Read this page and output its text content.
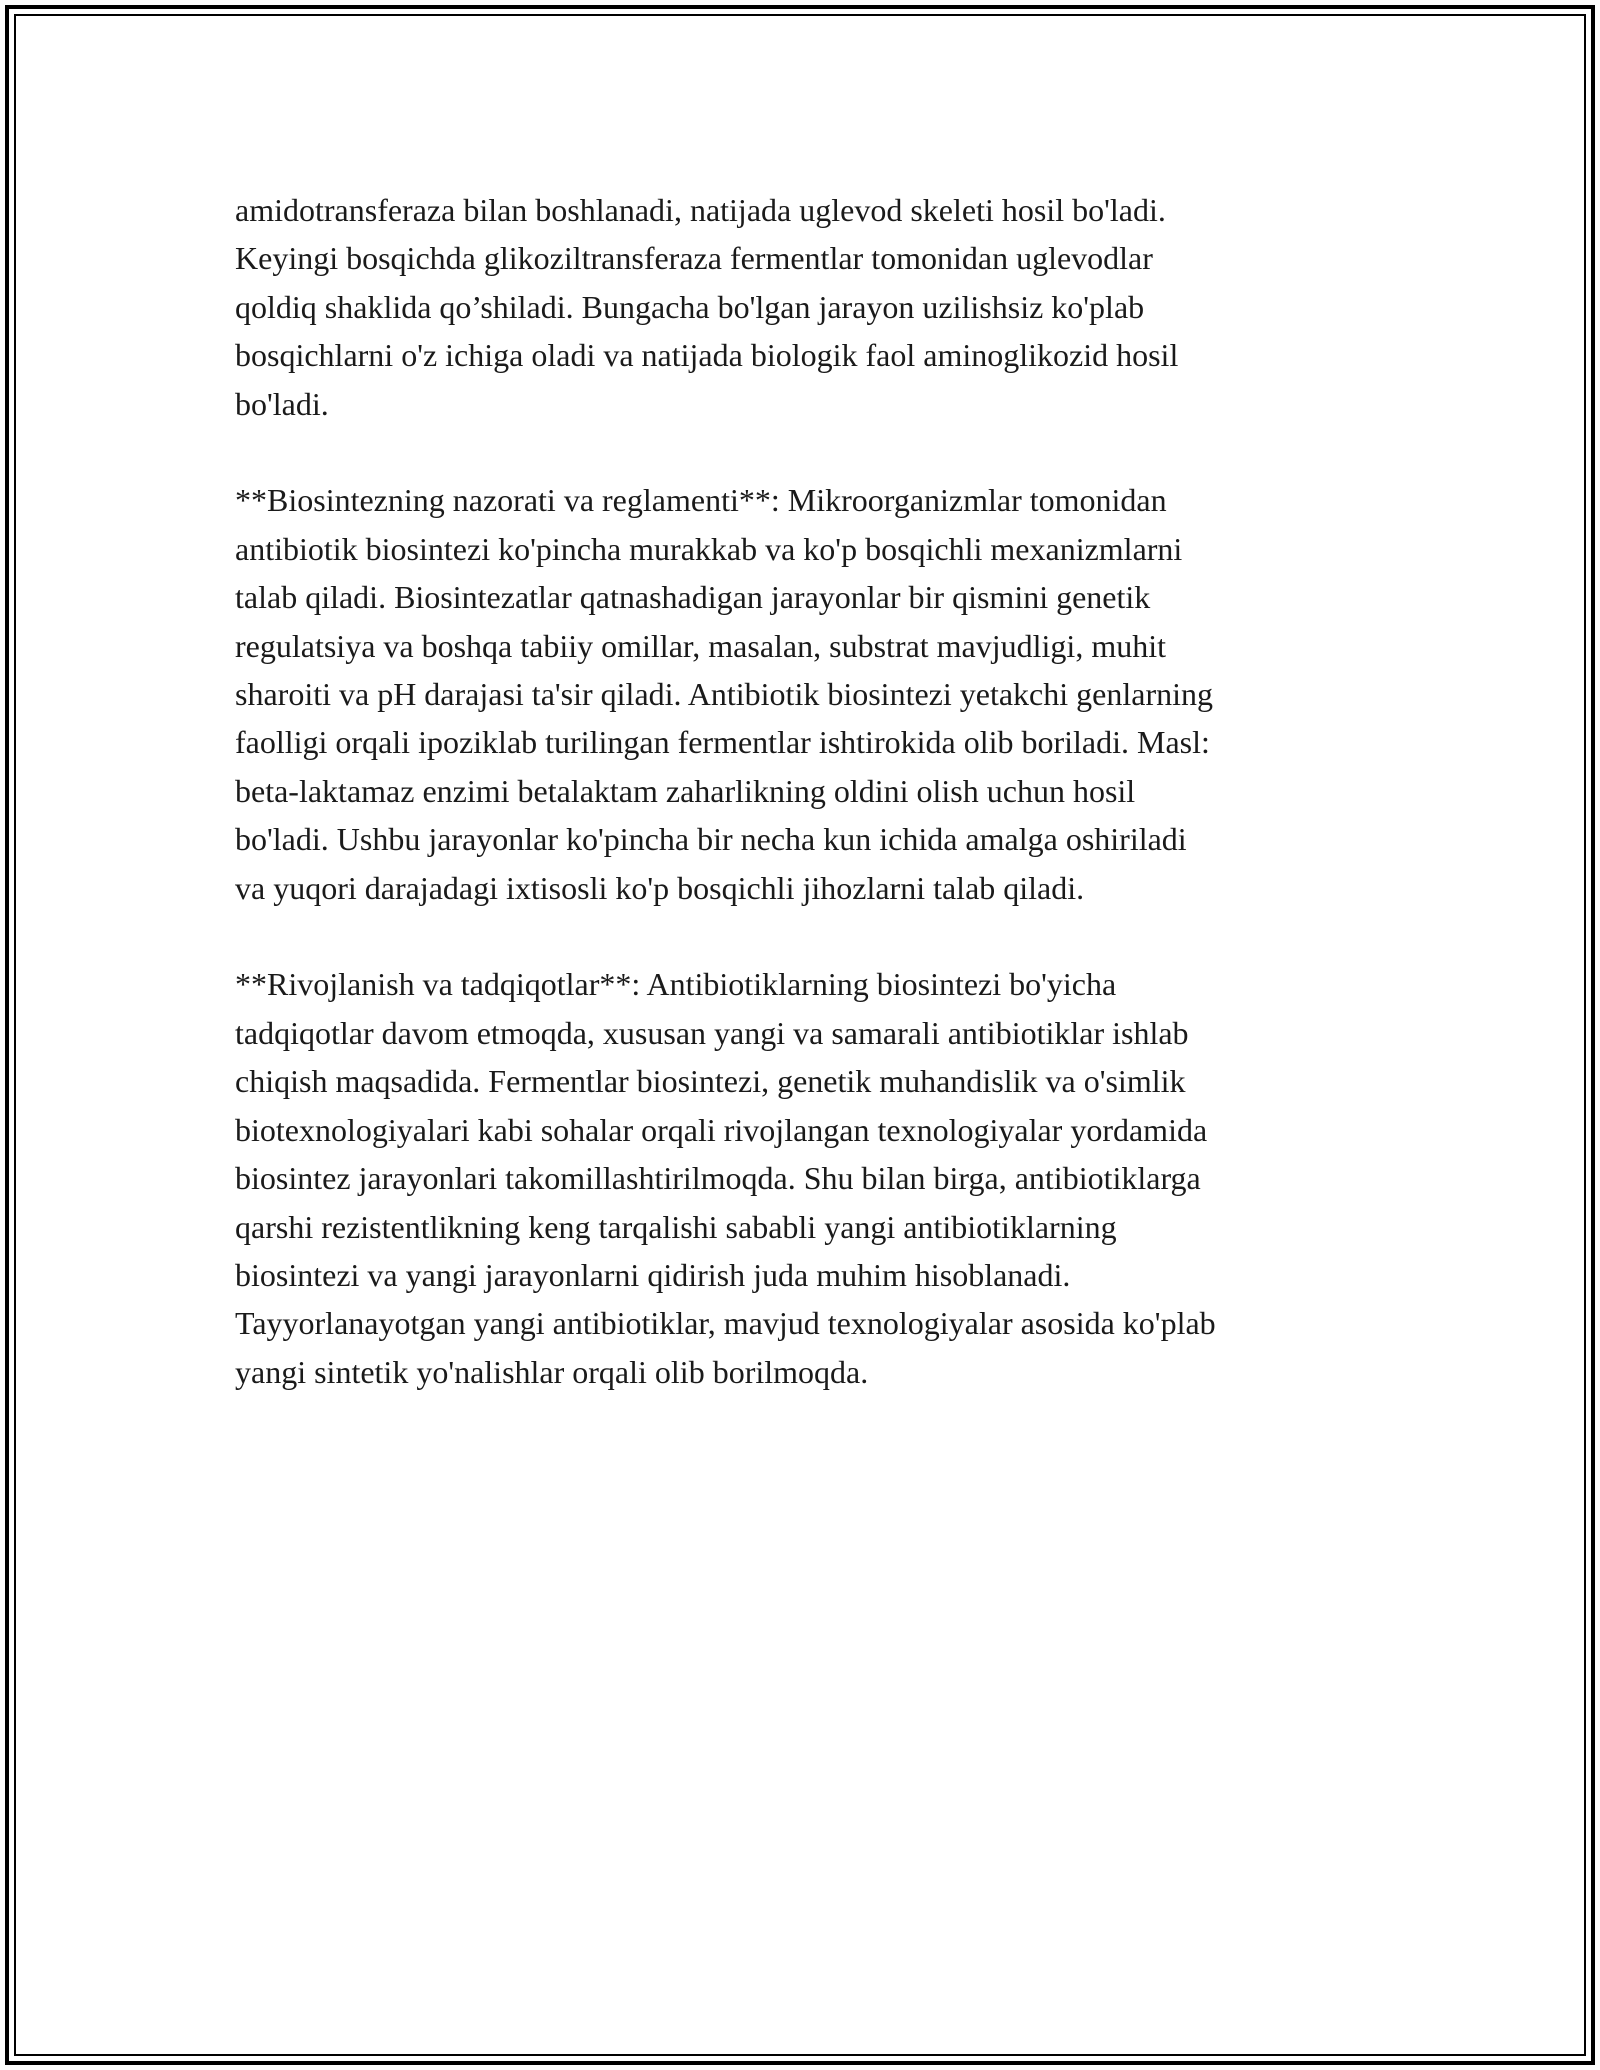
amidotransferaza bilan boshlanadi, natijada uglevod skeleti hosil bo'ladi.
Keyingi bosqichda glikoziltransferaza fermentlar tomonidan uglevodlar
qoldiq shaklida qo’shiladi. Bungacha bo'lgan jarayon uzilishsiz ko'plab
bosqichlarni o'z ichiga oladi va natijada biologik faol aminoglikozid hosil
bo'ladi.

**Biosintezning nazorati va reglamenti**: Mikroorganizmlar tomonidan
antibiotik biosintezi ko'pincha murakkab va ko'p bosqichli mexanizmlarni
talab qiladi. Biosintezatlar qatnashadigan jarayonlar bir qismini genetik
regulatsiya va boshqa tabiiy omillar, masalan, substrat mavjudligi, muhit
sharoiti va pH darajasi ta'sir qiladi. Antibiotik biosintezi yetakchi genlarning
faolligi orqali ipoziklab turilingan fermentlar ishtirokida olib boriladi. Masl:
beta-laktamaz enzimi betalaktam zaharlikning oldini olish uchun hosil
bo'ladi. Ushbu jarayonlar ko'pincha bir necha kun ichida amalga oshiriladi
va yuqori darajadagi ixtisosli ko'p bosqichli jihozlarni talab qiladi.

**Rivojlanish va tadqiqotlar**: Antibiotiklarning biosintezi bo'yicha
tadqiqotlar davom etmoqda, xususan yangi va samarali antibiotiklar ishlab
chiqish maqsadida. Fermentlar biosintezi, genetik muhandislik va o'simlik
biotexnologiyalari kabi sohalar orqali rivojlangan texnologiyalar yordamida
biosintez jarayonlari takomillashtirilmoqda. Shu bilan birga, antibiotiklarga
qarshi rezistentlikning keng tarqalishi sababli yangi antibiotiklarning
biosintezi va yangi jarayonlarni qidirish juda muhim hisoblanadi.
Tayyorlanayotgan yangi antibiotiklar, mavjud texnologiyalar asosida ko'plab
yangi sintetik yo'nalishlar orqali olib borilmoqda.
